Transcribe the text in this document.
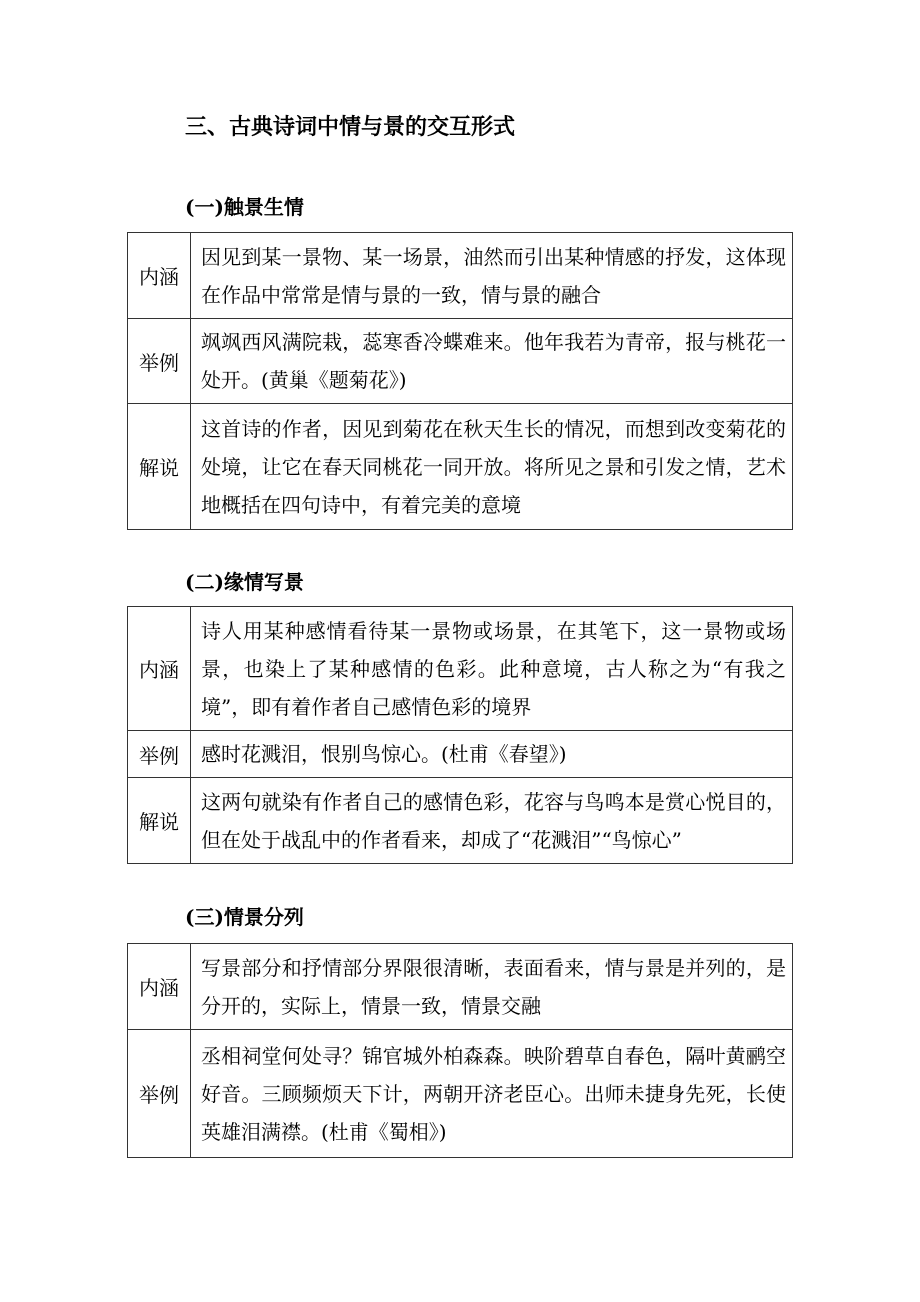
三、古典诗词中情与景的交互形式
(一)触景生情
内涵	因见到某一景物、某一场景，油然而引出某种情感的抒发，这体现在作品中常常是情与景的一致，情与景的融合
举例	飒飒西风满院栽，蕊寒香冷蝶难来。他年我若为青帝，报与桃花一处开。(黄巢《题菊花》)
解说	这首诗的作者，因见到菊花在秋天生长的情况，而想到改变菊花的处境，让它在春天同桃花一同开放。将所见之景和引发之情，艺术地概括在四句诗中，有着完美的意境
(二)缘情写景
内涵	诗人用某种感情看待某一景物或场景，在其笔下，这一景物或场景，也染上了某种感情的色彩。此种意境，古人称之为“有我之境”，即有着作者自己感情色彩的境界
举例	感时花溅泪，恨别鸟惊心。(杜甫《春望》)
解说	这两句就染有作者自己的感情色彩，花容与鸟鸣本是赏心悦目的，但在处于战乱中的作者看来，却成了“花溅泪”“鸟惊心”
(三)情景分列
内涵	写景部分和抒情部分界限很清晰，表面看来，情与景是并列的，是分开的，实际上，情景一致，情景交融
举例	丞相祠堂何处寻？锦官城外柏森森。映阶碧草自春色，隔叶黄鹂空好音。三顾频烦天下计，两朝开济老臣心。出师未捷身先死，长使英雄泪满襟。(杜甫《蜀相》)
